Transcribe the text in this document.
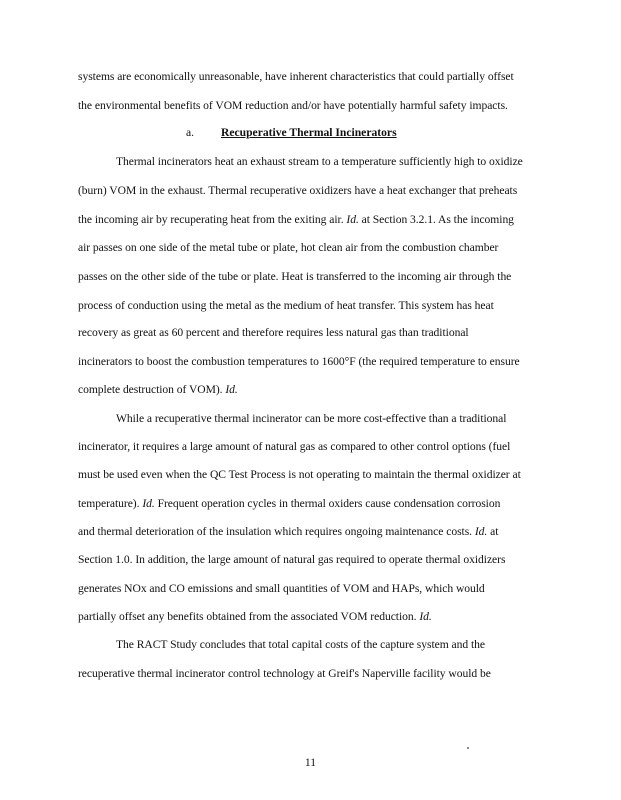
systems are economically unreasonable, have inherent characteristics that could partially offset
the environmental benefits of VOM reduction and/or have potentially harmful safety impacts.
a. Recuperative Thermal Incinerators
Thermal incinerators heat an exhaust stream to a temperature sufficiently high to oxidize
(burn) VOM in the exhaust. Thermal recuperative oxidizers have a heat exchanger that preheats
the incoming air by recuperating heat from the exiting air. Id. at Section 3.2.1. As the incoming
air passes on one side of the metal tube or plate, hot clean air from the combustion chamber
passes on the other side of the tube or plate. Heat is transferred to the incoming air through the
process of conduction using the metal as the medium of heat transfer. This system has heat
recovery as great as 60 percent and therefore requires less natural gas than traditional
incinerators to boost the combustion temperatures to 1600°F (the required temperature to ensure
complete destruction of VOM). Id.
While a recuperative thermal incinerator can be more cost-effective than a traditional
incinerator, it requires a large amount of natural gas as compared to other control options (fuel
must be used even when the QC Test Process is not operating to maintain the thermal oxidizer at
temperature). Id. Frequent operation cycles in thermal oxiders cause condensation corrosion
and thermal deterioration of the insulation which requires ongoing maintenance costs. Id. at
Section 1.0. In addition, the large amount of natural gas required to operate thermal oxidizers
generates NOx and CO emissions and small quantities of VOM and HAPs, which would
partially offset any benefits obtained from the associated VOM reduction. Id.
The RACT Study concludes that total capital costs of the capture system and the
recuperative thermal incinerator control technology at Greif's Naperville facility would be
11
